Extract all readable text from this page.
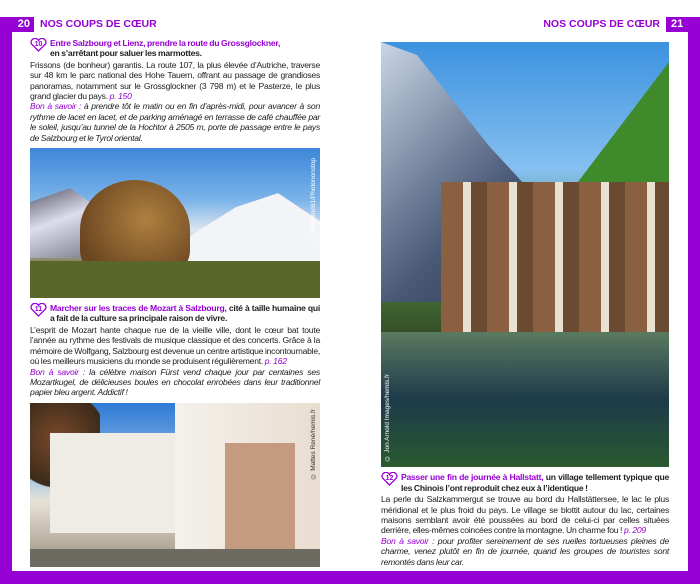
20 NOS COUPS DE CŒUR	21
NOS COUPS DE CŒUR
10 Entre Salzbourg et Lienz, prendre la route du Grossglockner,
en s’arrêtant pour saluer les marmottes.
Frissons (de bonheur) garantis. La route 107, la plus élevée d’Autriche, traverse sur 48 km le parc national des Hohe Tauern, offrant au passage de grandioses panoramas, notamment sur le Grossglockner (3 798 m) et le Pasterze, le plus grand glacier du pays. p. 150
Bon à savoir : à prendre tôt le matin ou en fin d’après-midi, pour avancer à son rythme de lacet en lacet, et de parking aménagé en terrasse de café chauffée par le soleil, jusqu’au tunnel de la Hochtor à 2505 m, porte de passage entre le pays de Salzbourg et le Tyrol oriental.
© Westend61/Photononstop
11 Marcher sur les traces de Mozart à Salzbourg, cité à taille humaine qui a fait de la culture sa principale raison de vivre.
L’esprit de Mozart hante chaque rue de la vieille ville, dont le cœur bat toute l’année au rythme des festivals de musique classique et des concerts. Grâce à la mémoire de Wolfgang, Salzbourg est devenue un centre artistique incontournable, où les meilleurs musiciens du monde se produisent régulièrement. p. 162
Bon à savoir : la célèbre maison Fürst vend chaque jour par centaines ses Mozartkugel, de délicieuses boules en chocolat enrobées dans leur traditionnel papier bleu argent. Addictif !
© Mattes René/hemis.fr	© Jon Arnold Images/hemis.fr
12 Passer une fin de journée à Hallstatt, un village tellement typique que les Chinois l’ont reproduit chez eux à l’identique !
La perle du Salzkammergut se trouve au bord du Hallstättersee, le lac le plus méridional et le plus froid du pays. Le village se blottit autour du lac, certaines maisons semblant avoir été poussées au bord de celui-ci par celles situées derrière, elles-mêmes coincées contre la montagne. Un charme fou ! p. 209
Bon à savoir : pour profiter sereinement de ses ruelles tortueuses pleines de charme, venez plutôt en fin de journée, quand les groupes de touristes sont remontés dans leur car.
